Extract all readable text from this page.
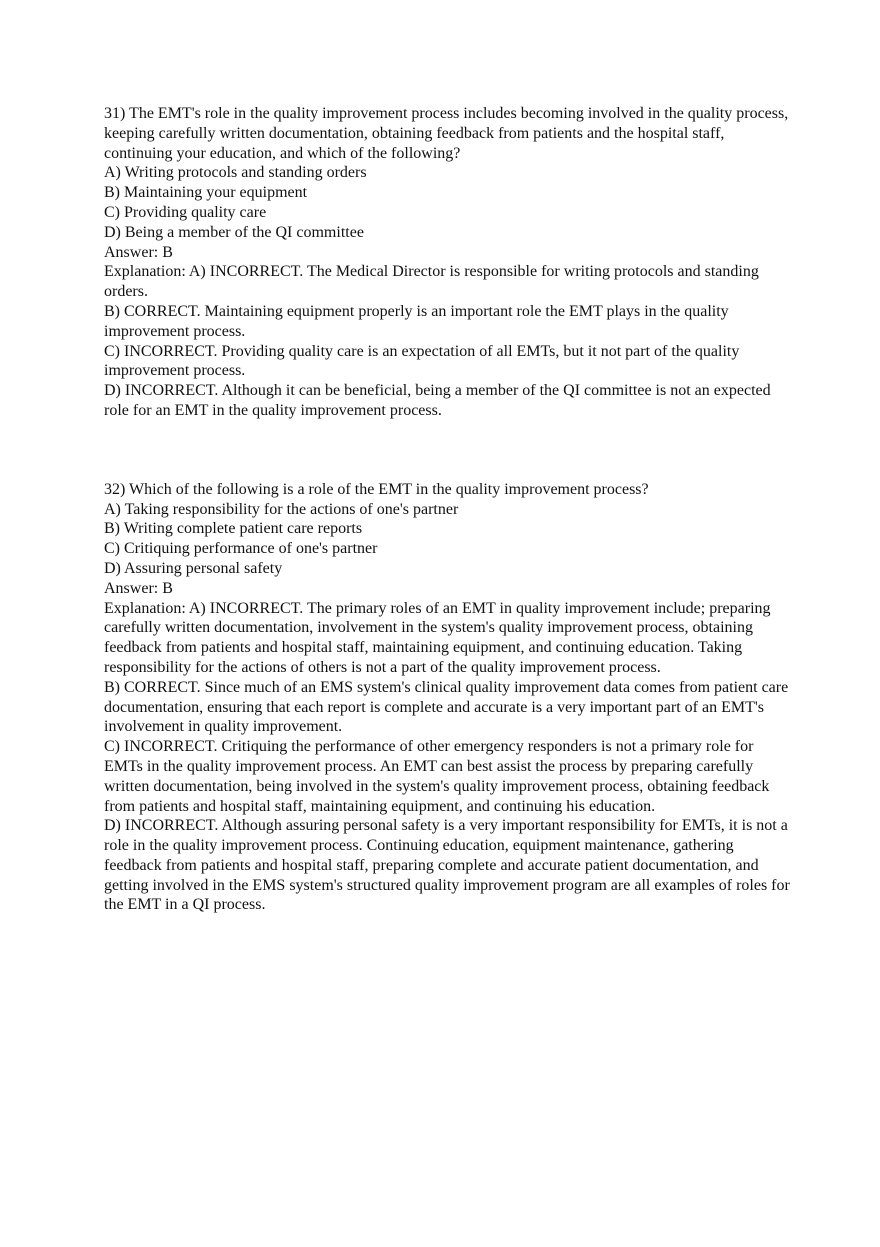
31) The EMT's role in the quality improvement process includes becoming involved in the quality process, keeping carefully written documentation, obtaining feedback from patients and the hospital staff, continuing your education, and which of the following?

A) Writing protocols and standing orders

B) Maintaining your equipment

C) Providing quality care

D) Being a member of the QI committee

Answer: B

Explanation: A) INCORRECT. The Medical Director is responsible for writing protocols and standing orders.

B) CORRECT. Maintaining equipment properly is an important role the EMT plays in the quality improvement process.

C) INCORRECT. Providing quality care is an expectation of all EMTs, but it not part of the quality improvement process.

D) INCORRECT. Although it can be beneficial, being a member of the QI committee is not an expected role for an EMT in the quality improvement process.

32) Which of the following is a role of the EMT in the quality improvement process?

A) Taking responsibility for the actions of one's partner

B) Writing complete patient care reports

C) Critiquing performance of one's partner

D) Assuring personal safety

Answer: B

Explanation: A) INCORRECT. The primary roles of an EMT in quality improvement include; preparing carefully written documentation, involvement in the system's quality improvement process, obtaining feedback from patients and hospital staff, maintaining equipment, and continuing education. Taking responsibility for the actions of others is not a part of the quality improvement process.

B) CORRECT. Since much of an EMS system's clinical quality improvement data comes from patient care documentation, ensuring that each report is complete and accurate is a very important part of an EMT's involvement in quality improvement.

C) INCORRECT. Critiquing the performance of other emergency responders is not a primary role for EMTs in the quality improvement process. An EMT can best assist the process by preparing carefully written documentation, being involved in the system's quality improvement process, obtaining feedback from patients and hospital staff, maintaining equipment, and continuing his education.

D) INCORRECT. Although assuring personal safety is a very important responsibility for EMTs, it is not a role in the quality improvement process. Continuing education, equipment maintenance, gathering feedback from patients and hospital staff, preparing complete and accurate patient documentation, and getting involved in the EMS system's structured quality improvement program are all examples of roles for the EMT in a QI process.
